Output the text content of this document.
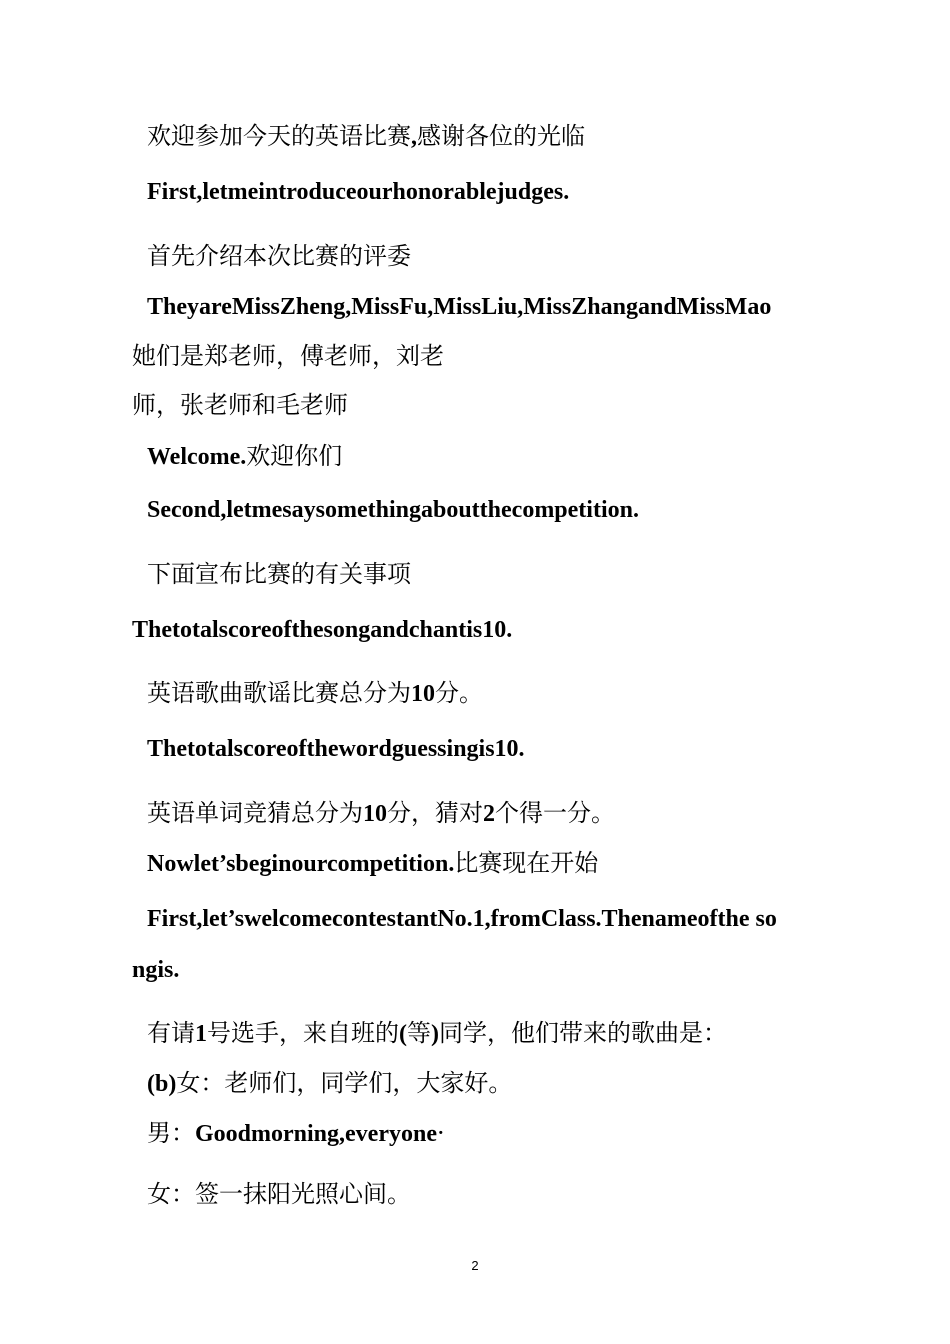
欢迎参加今天的英语比赛,感谢各位的光临
First,letmeintroduceourhonorablejudges.
首先介绍本次比赛的评委
TheyareMissZheng,MissFu,MissLiu,MissZhangandMissMao
她们是郑老师，傅老师，刘老
师，张老师和毛老师
Welcome.欢迎你们
Second,letmesaysomethingaboutthecompetition.
下面宣布比赛的有关事项
Thetotalscoreofthesongandchantis10.
英语歌曲歌谣比赛总分为10分。
Thetotalscoreofthewordguessingis10.
英语单词竞猜总分为10分，猜对2个得一分。
Nowlet’sbeginourcompetition.比赛现在开始
First,let’swelcomecontestantNo.1,fromClass.Thenameofthe so
ngis.
有请1号选手，来自班的(等)同学，他们带来的歌曲是：
(b)女：老师们，同学们，大家好。
男：Goodmorning,everyone·
女：签一抹阳光照心间。
2
